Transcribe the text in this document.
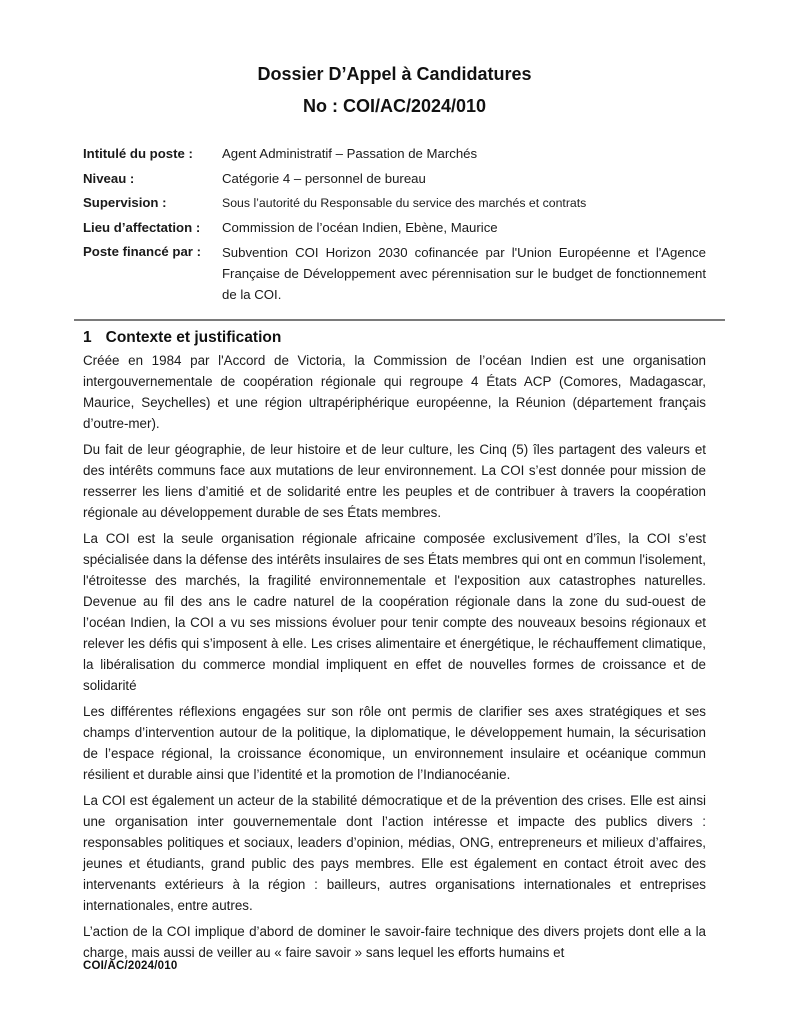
Dossier D’Appel à Candidatures
No : COI/AC/2024/010
Intitulé du poste :	Agent Administratif – Passation de Marchés
Niveau :	Catégorie 4 – personnel de bureau
Supervision :	Sous l’autorité du Responsable du service des marchés et contrats
Lieu d’affectation :	Commission de l’océan Indien, Ebène, Maurice
Poste financé par :	Subvention COI Horizon 2030 cofinancée par l'Union Européenne et l'Agence Française de Développement avec pérennisation sur le budget de fonctionnement de la COI.
1 Contexte et justification

Créée en 1984 par l'Accord de Victoria, la Commission de l’océan Indien est une organisation intergouvernementale de coopération régionale qui regroupe 4 États ACP (Comores, Madagascar, Maurice, Seychelles) et une région ultrapériphérique européenne, la Réunion (département français d’outre-mer).

Du fait de leur géographie, de leur histoire et de leur culture, les Cinq (5) îles partagent des valeurs et des intérêts communs face aux mutations de leur environnement. La COI s’est donnée pour mission de resserrer les liens d’amitié et de solidarité entre les peuples et de contribuer à travers la coopération régionale au développement durable de ses États membres.

La COI est la seule organisation régionale africaine composée exclusivement d’îles, la COI s’est spécialisée dans la défense des intérêts insulaires de ses États membres qui ont en commun l'isolement, l'étroitesse des marchés, la fragilité environnementale et l'exposition aux catastrophes naturelles. Devenue au fil des ans le cadre naturel de la coopération régionale dans la zone du sud-ouest de l’océan Indien, la COI a vu ses missions évoluer pour tenir compte des nouveaux besoins régionaux et relever les défis qui s’imposent à elle. Les crises alimentaire et énergétique, le réchauffement climatique, la libéralisation du commerce mondial impliquent en effet de nouvelles formes de croissance et de solidarité

Les différentes réflexions engagées sur son rôle ont permis de clarifier ses axes stratégiques et ses champs d’intervention autour de la politique, la diplomatique, le développement humain, la sécurisation de l’espace régional, la croissance économique, un environnement insulaire et océanique commun résilient et durable ainsi que l’identité et la promotion de l’Indianocéanie.

La COI est également un acteur de la stabilité démocratique et de la prévention des crises. Elle est ainsi une organisation inter gouvernementale dont l’action intéresse et impacte des publics divers : responsables politiques et sociaux, leaders d’opinion, médias, ONG, entrepreneurs et milieux d’affaires, jeunes et étudiants, grand public des pays membres. Elle est également en contact étroit avec des intervenants extérieurs à la région : bailleurs, autres organisations internationales et entreprises internationales, entre autres.

L’action de la COI implique d’abord de dominer le savoir-faire technique des divers projets dont elle a la charge, mais aussi de veiller au « faire savoir » sans lequel les efforts humains et

COI/AC/2024/010
